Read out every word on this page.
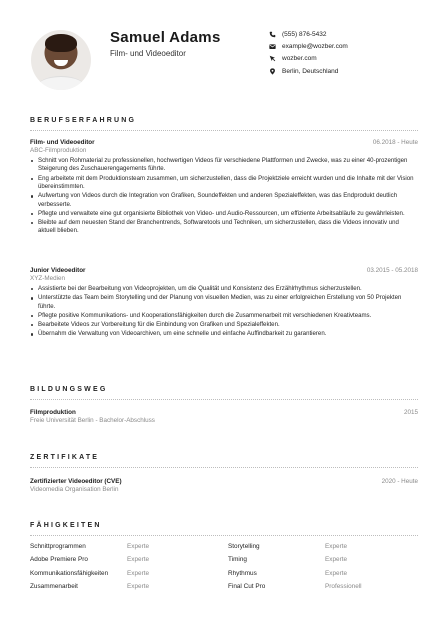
Samuel Adams
Film- und Videoeditor
(555) 876-5432
example@wozber.com
wozber.com
Berlin, Deutschland
BERUFSERFAHRUNG
Film- und Videoeditor	06.2018 - Heute
ABC-Filmproduktion
Schnitt von Rohmaterial zu professionellen, hochwertigen Videos für verschiedene Plattformen und Zwecke, was zu einer 40-prozentigen Steigerung des Zuschauerengagements führte.
Eng arbeitete mit dem Produktionsteam zusammen, um sicherzustellen, dass die Projektziele erreicht wurden und die Inhalte mit der Vision übereinstimmten.
Aufwertung von Videos durch die Integration von Grafiken, Soundeffekten und anderen Spezialeffekten, was das Endprodukt deutlich verbesserte.
Pflegte und verwaltete eine gut organisierte Bibliothek von Video- und Audio-Ressourcen, um effiziente Arbeitsabläufe zu gewährleisten.
Bleibte auf dem neuesten Stand der Branchentrends, Softwaretools und Techniken, um sicherzustellen, dass die Videos innovativ und aktuell blieben.
Junior Videoeditor	03.2015 - 05.2018
XYZ-Medien
Assistierte bei der Bearbeitung von Videoprojekten, um die Qualität und Konsistenz des Erzählrhythmus sicherzustellen.
Unterstützte das Team beim Storytelling und der Planung von visuellen Medien, was zu einer erfolgreichen Erstellung von 50 Projekten führte.
Pflegte positive Kommunikations- und Kooperationsfähigkeiten durch die Zusammenarbeit mit verschiedenen Kreativteams.
Bearbeitete Videos zur Vorbereitung für die Einbindung von Grafiken und Spezialeffekten.
Übernahm die Verwaltung von Videoarchiven, um eine schnelle und einfache Auffindbarkeit zu garantieren.
BILDUNGSWEG
Filmproduktion	2015
Freie Universität Berlin - Bachelor-Abschluss
ZERTIFIKATE
Zertifizierter Videoeditor (CVE)	2020 - Heute
Videomedia Organisation Berlin
FÄHIGKEITEN
Schnittprogrammen	Experte	Storytelling	Experte
Adobe Premiere Pro	Experte	Timing	Experte
Kommunikationsfähigkeiten	Experte	Rhythmus	Experte
Zusammenarbeit	Experte	Final Cut Pro	Professionell
